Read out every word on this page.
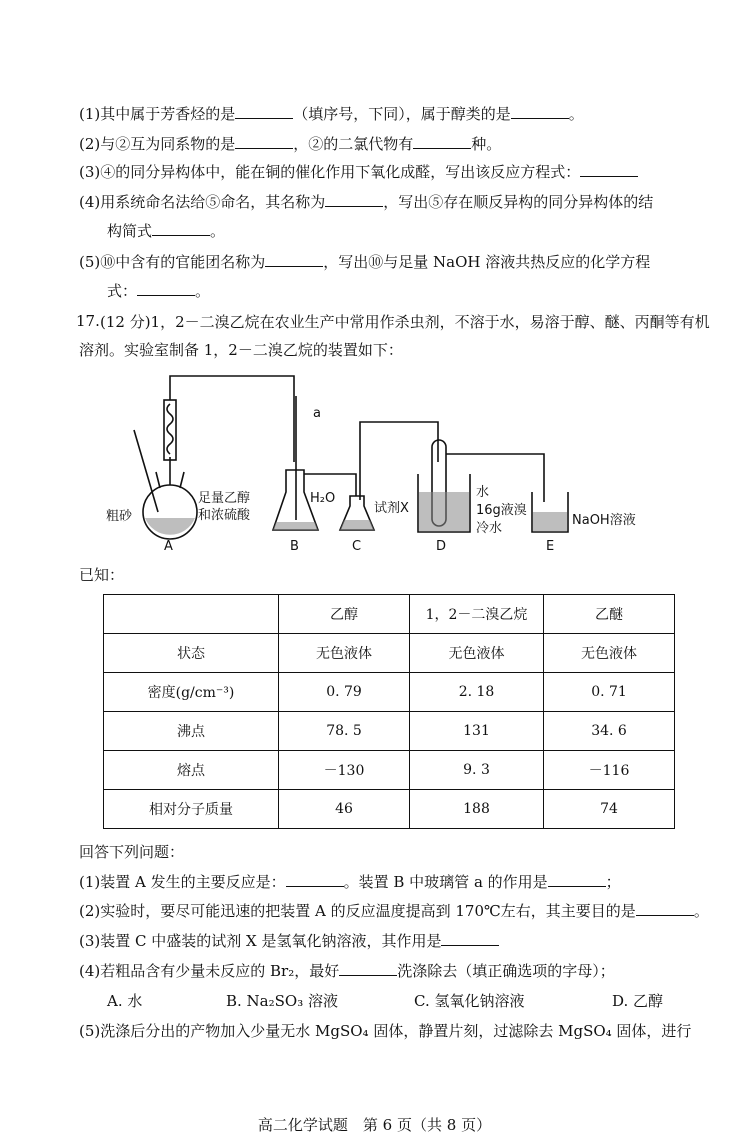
(1)其中属于芳香烃的是	（填序号，下同），属于醇类的是	。
(2)与②互为同系物的是	，②的二氯代物有	种。
(3)④的同分异构体中，能在铜的催化作用下氧化成醛，写出该反应方程式：
(4)用系统命名法给⑤命名，其名称为	，写出⑤存在顺反异构的同分异构体的结
构简式	。
(5)⑩中含有的官能团名称为	，写出⑩与足量 NaOH 溶液共热反应的化学方程
式：	。
17. (12 分)1，2－二溴乙烷在农业生产中常用作杀虫剂，不溶于水，易溶于醇、醚、丙酮等有机
溶剂。实验室制备 1，2－二溴乙烷的装置如下：
a
粗砂
足量乙醇
和浓硫酸
H₂O
试剂X
水
16g液溴
冷水
NaOH溶液
A	B	C	D	E
已知：
	乙醇	1，2－二溴乙烷	乙醚
状态	无色液体	无色液体	无色液体
密度(g/cm⁻³)	0. 79	2. 18	0. 71
沸点	78. 5	131	34. 6
熔点	－130	9. 3	－116
相对分子质量	46	188	74
回答下列问题：
(1)装置 A 发生的主要反应是：	。装置 B 中玻璃管 a 的作用是	；
(2)实验时，要尽可能迅速的把装置 A 的反应温度提高到 170℃左右，其主要目的是	。
(3)装置 C 中盛装的试剂 X 是氢氧化钠溶液，其作用是
(4)若粗品含有少量未反应的 Br₂，最好	洗涤除去（填正确选项的字母）；
A. 水	B. Na₂SO₃ 溶液	C. 氢氧化钠溶液	D. 乙醇
(5)洗涤后分出的产物加入少量无水 MgSO₄ 固体，静置片刻，过滤除去 MgSO₄ 固体，进行
高二化学试题　第 6 页（共 8 页）
